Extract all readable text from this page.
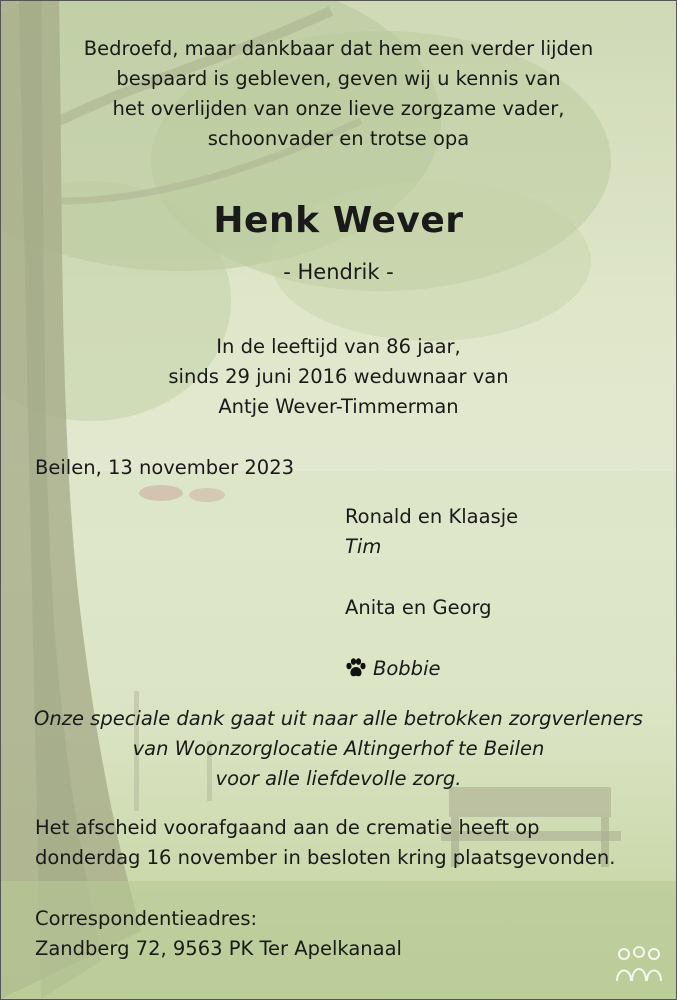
Bedroefd, maar dankbaar dat hem een verder lijden
bespaard is gebleven, geven wij u kennis van
het overlijden van onze lieve zorgzame vader,
schoonvader en trotse opa
Henk Wever
- Hendrik -
In de leeftijd van 86 jaar,
sinds 29 juni 2016 weduwnaar van
Antje Wever-Timmerman
Beilen, 13 november 2023
Ronald en Klaasje
Tim
Anita en Georg
Bobbie
Onze speciale dank gaat uit naar alle betrokken zorgverleners
van Woonzorglocatie Altingerhof te Beilen
voor alle liefdevolle zorg.
Het afscheid voorafgaand aan de crematie heeft op
donderdag 16 november in besloten kring plaatsgevonden.
Correspondentieadres:
Zandberg 72, 9563 PK Ter Apelkanaal
